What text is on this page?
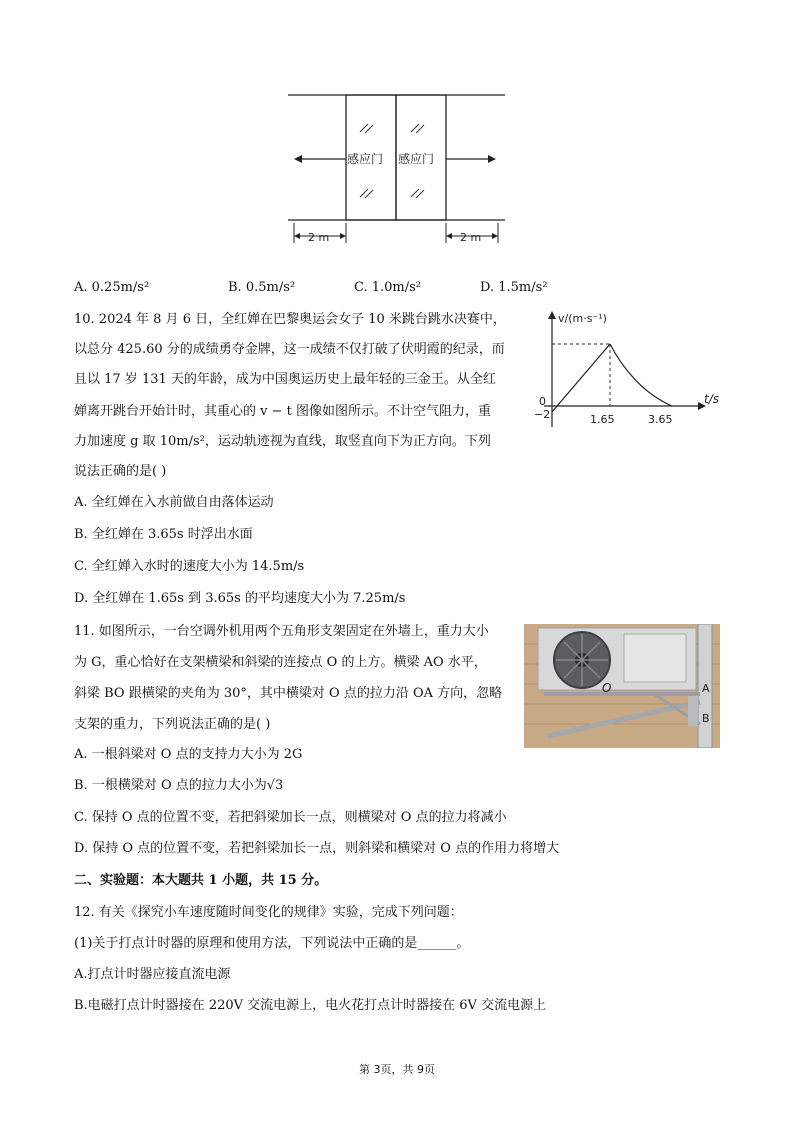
感应门 感应门
2 m	2 m
A. 0.25m/s²	B. 0.5m/s²	C. 1.0m/s²	D. 1.5m/s²
10. 2024 年 8 月 6 日，全红婵在巴黎奥运会女子 10 米跳台跳水决赛中，
以总分 425.60 分的成绩勇夺金牌，这一成绩不仅打破了伏明霞的纪录，而
且以 17 岁 131 天的年龄，成为中国奥运历史上最年轻的三金王。从全红
婵离开跳台开始计时，其重心的 v − t 图像如图所示。不计空气阻力，重
力加速度 g 取 10m/s²，运动轨迹视为直线，取竖直向下为正方向。下列
说法正确的是( )
v/(m·s⁻¹)
t/s
0
−2	1.65	3.65
A. 全红婵在入水前做自由落体运动
B. 全红婵在 3.65s 时浮出水面
C. 全红婵入水时的速度大小为 14.5m/s
D. 全红婵在 1.65s 到 3.65s 的平均速度大小为 7.25m/s
11. 如图所示，一台空调外机用两个五角形支架固定在外墙上，重力大小
为 G，重心恰好在支架横梁和斜梁的连接点 O 的上方。横梁 AO 水平，
斜梁 BO 跟横梁的夹角为 30°，其中横梁对 O 点的拉力沿 OA 方向，忽略
支架的重力，下列说法正确的是( )
O	A
B
A. 一根斜梁对 O 点的支持力大小为 2G
B. 一根横梁对 O 点的拉力大小为√3
C. 保持 O 点的位置不变，若把斜梁加长一点，则横梁对 O 点的拉力将减小
D. 保持 O 点的位置不变，若把斜梁加长一点，则斜梁和横梁对 O 点的作用力将增大
二、实验题：本大题共 1 小题，共 15 分。
12. 有关《探究小车速度随时间变化的规律》实验，完成下列问题：
(1)关于打点计时器的原理和使用方法，下列说法中正确的是______。
A.打点计时器应接直流电源
B.电磁打点计时器接在 220V 交流电源上，电火花打点计时器接在 6V 交流电源上
第 3页，共 9页
